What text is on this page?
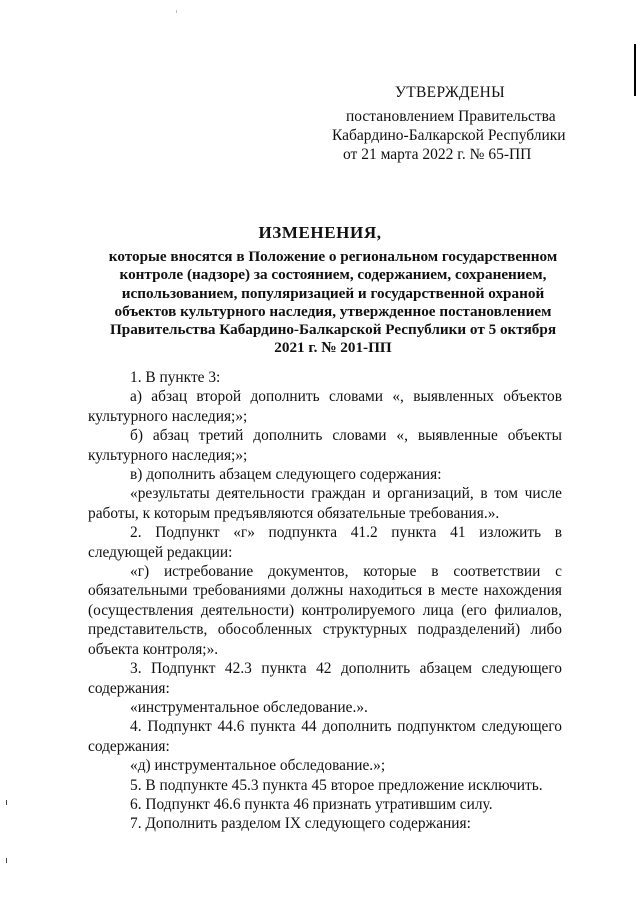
УТВЕРЖДЕНЫ
постановлением Правительства
Кабардино-Балкарской Республики
от 21 марта 2022 г. № 65-ПП
ИЗМЕНЕНИЯ,
которые вносятся в Положение о региональном государственном контроле (надзоре) за состоянием, содержанием, сохранением, использованием, популяризацией и государственной охраной объектов культурного наследия, утвержденное постановлением Правительства Кабардино-Балкарской Республики от 5 октября 2021 г. № 201-ПП

1. В пункте 3:

а) абзац второй дополнить словами «, выявленных объектов культурного наследия;»;

б) абзац третий дополнить словами «, выявленные объекты культурного наследия;»;

в) дополнить абзацем следующего содержания:

«результаты деятельности граждан и организаций, в том числе работы, к которым предъявляются обязательные требования.».

2. Подпункт «г» подпункта 41.2 пункта 41 изложить в следующей редакции:

«г) истребование документов, которые в соответствии с обязательными требованиями должны находиться в месте нахождения (осуществления деятельности) контролируемого лица (его филиалов, представительств, обособленных структурных подразделений) либо объекта контроля;».

3. Подпункт 42.3 пункта 42 дополнить абзацем следующего содержания:

«инструментальное обследование.».

4. Подпункт 44.6 пункта 44 дополнить подпунктом следующего содержания:

«д) инструментальное обследование.»;

5. В подпункте 45.3 пункта 45 второе предложение исключить.

6. Подпункт 46.6 пункта 46 признать утратившим силу.

7. Дополнить разделом IX следующего содержания:
